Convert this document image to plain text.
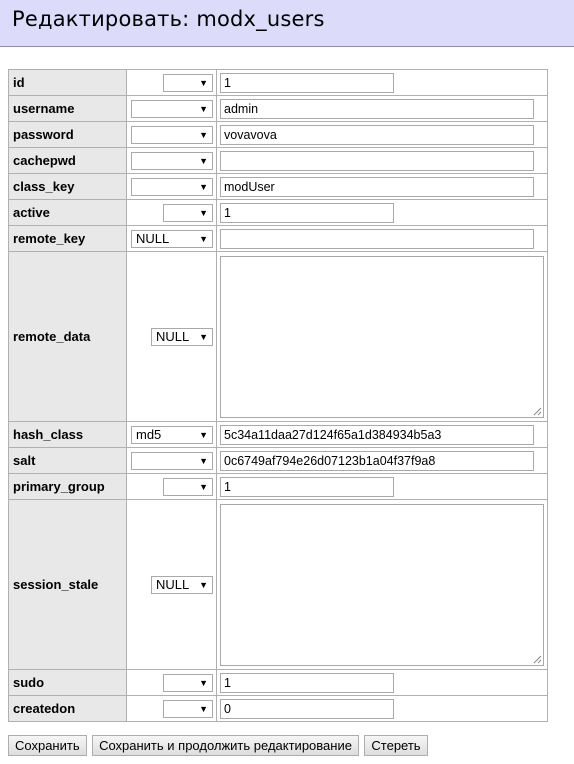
Редактировать: modx_users
id	▼	1

username	▼	admin

password	▼	vovavova

cachepwd	▼	

class_key	▼	modUser

active	▼	1

remote_key	NULL ▼	

remote_data	NULL ▼

hash_class	md5 ▼	5c34a11daa27d124f65a1d384934b5a3

salt	▼	0c6749af794e26d07123b1a04f37f9a8

primary_group	▼	1

session_stale	NULL ▼

sudo	▼	1

createdon	▼	0
Сохранить Сохранить и продолжить редактирование Стереть
